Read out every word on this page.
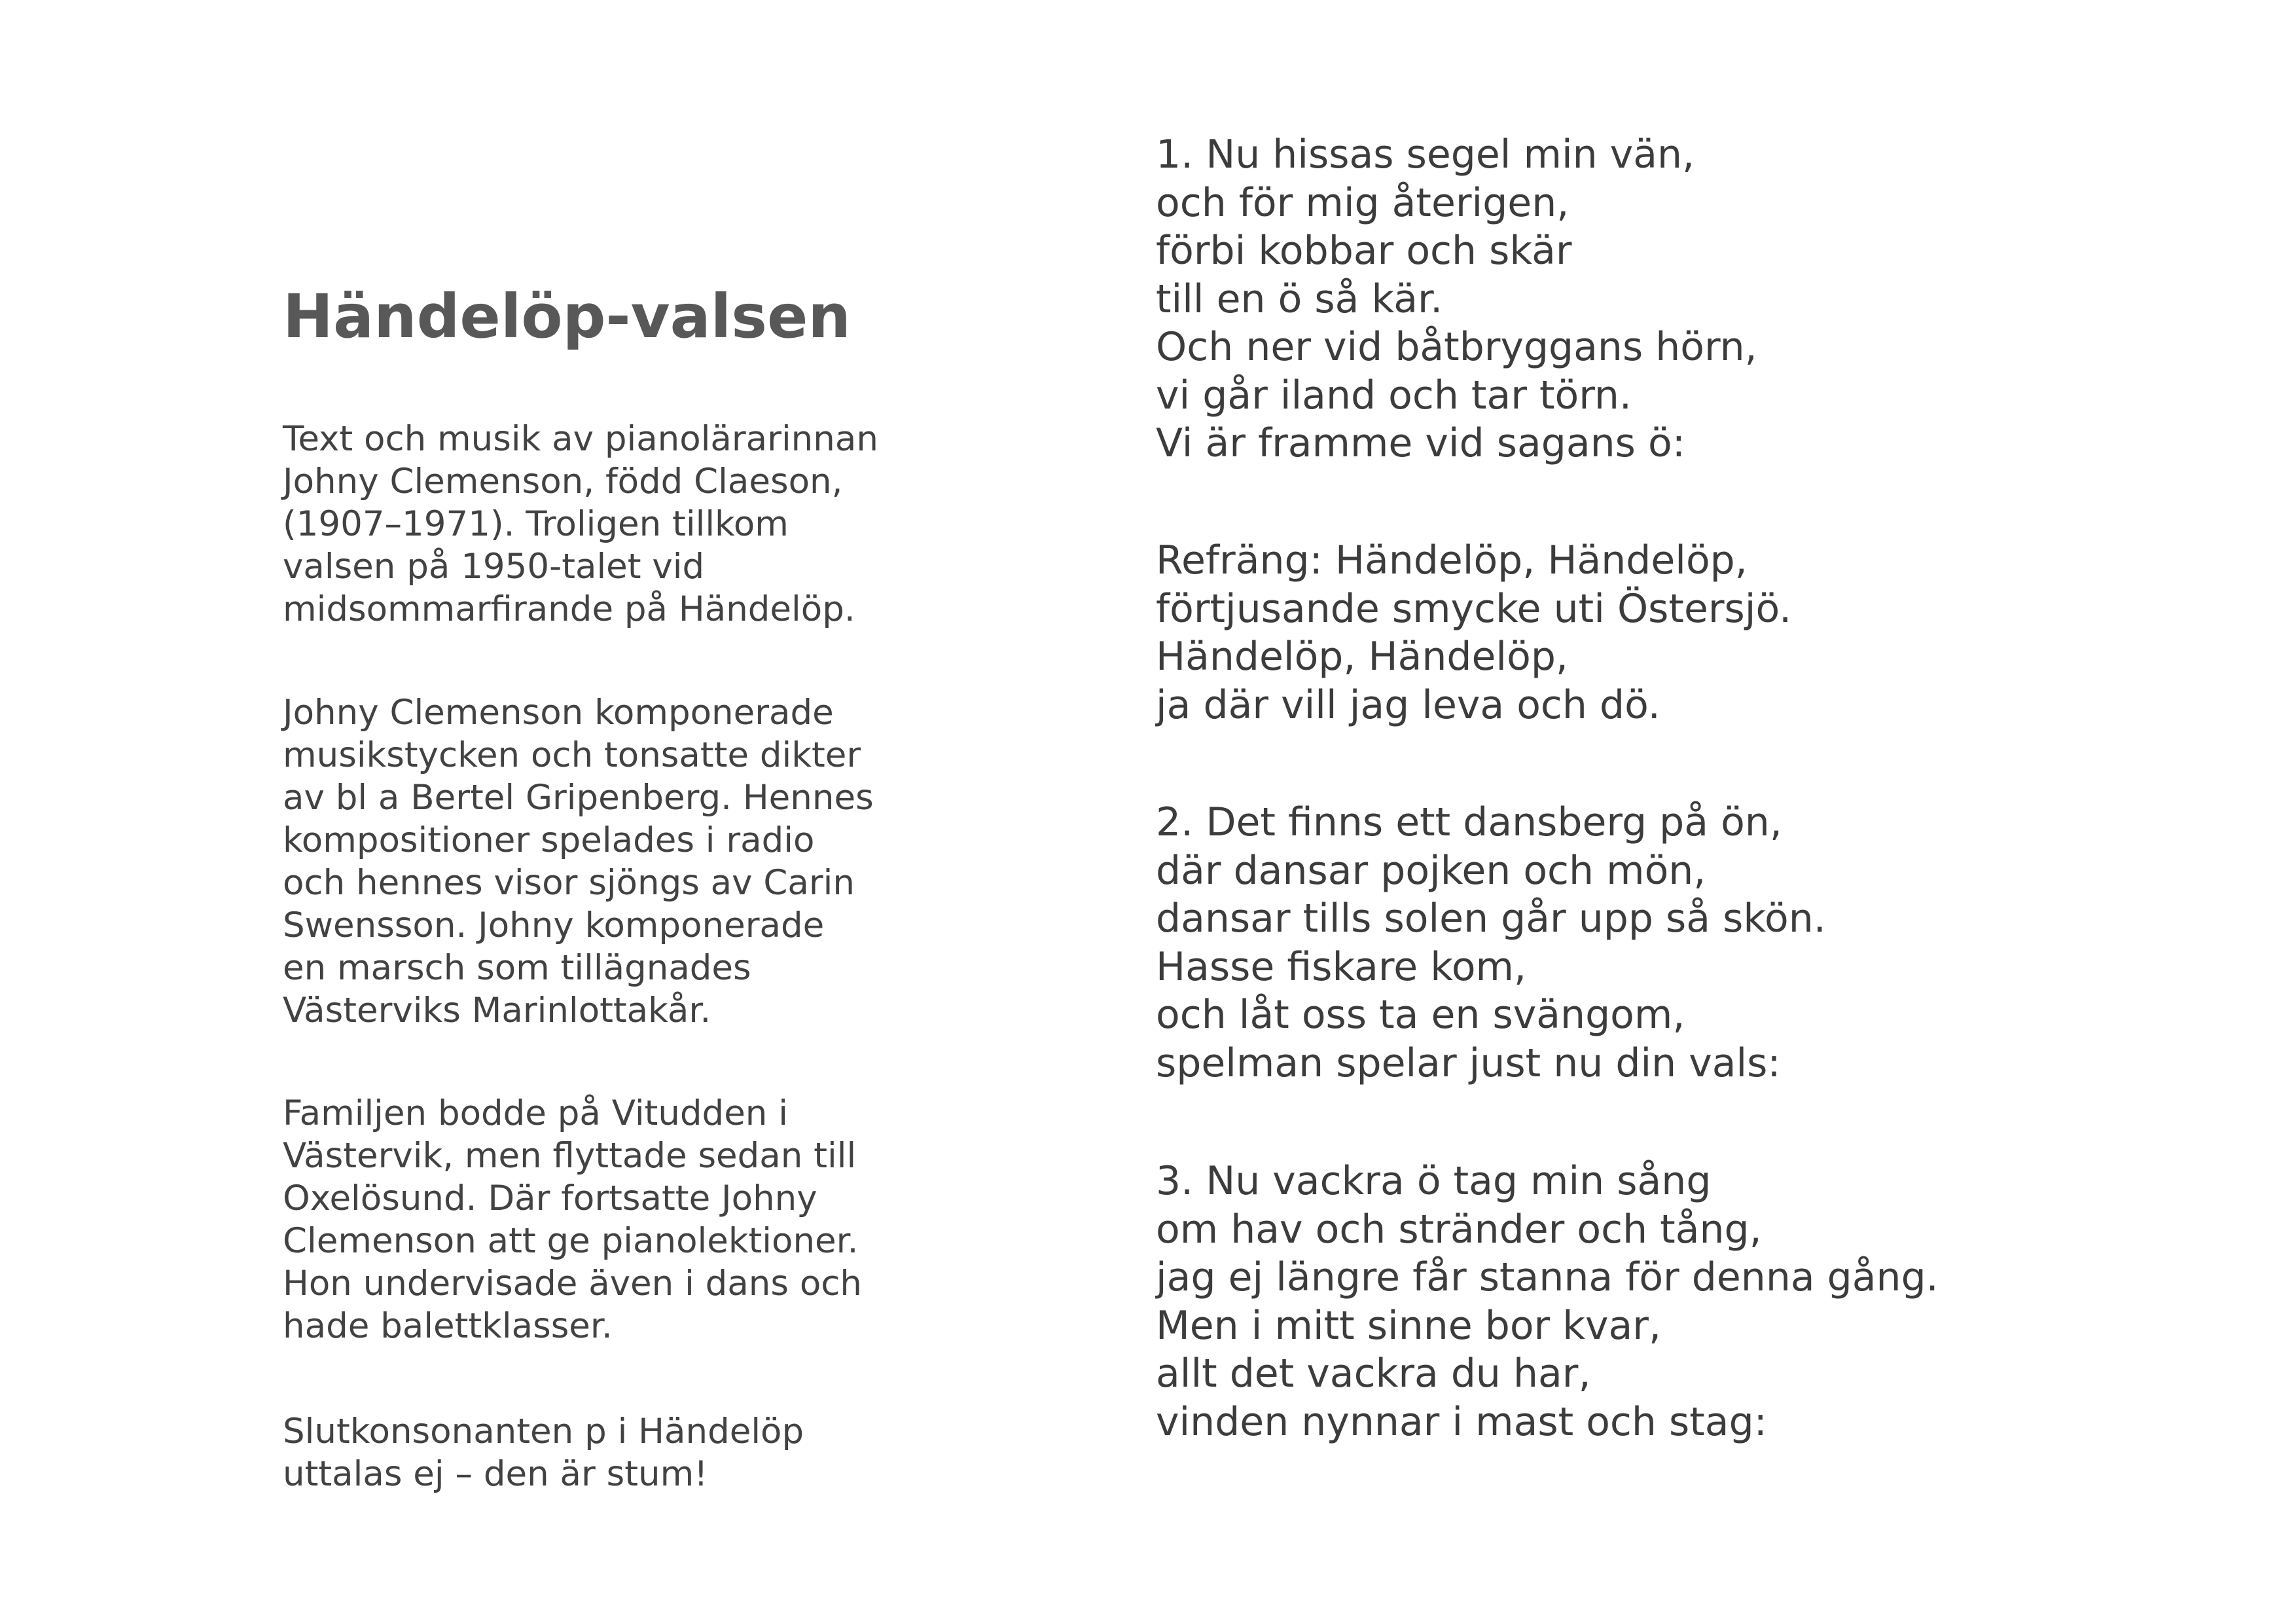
Händelöp-valsen

Text och musik av pianolärarinnan
Johny Clemenson, född Claeson,
(1907–1971). Troligen tillkom
valsen på 1950-talet vid
midsommarfirande på Händelöp.

Johny Clemenson komponerade
musikstycken och tonsatte dikter
av bl a Bertel Gripenberg. Hennes
kompositioner spelades i radio
och hennes visor sjöngs av Carin
Swensson. Johny komponerade
en marsch som tillägnades
Västerviks Marinlottakår.

Familjen bodde på Vitudden i
Västervik, men flyttade sedan till
Oxelösund. Där fortsatte Johny
Clemenson att ge pianolektioner.
Hon undervisade även i dans och
hade balettklasser.

Slutkonsonanten p i Händelöp
uttalas ej – den är stum!

1. Nu hissas segel min vän,
och för mig återigen,
förbi kobbar och skär
till en ö så kär.
Och ner vid båtbryggans hörn,
vi går iland och tar törn.
Vi är framme vid sagans ö:

Refräng: Händelöp, Händelöp,
förtjusande smycke uti Östersjö.
Händelöp, Händelöp,
ja där vill jag leva och dö.

2. Det finns ett dansberg på ön,
där dansar pojken och mön,
dansar tills solen går upp så skön.
Hasse fiskare kom,
och låt oss ta en svängom,
spelman spelar just nu din vals:

3. Nu vackra ö tag min sång
om hav och stränder och tång,
jag ej längre får stanna för denna gång.
Men i mitt sinne bor kvar,
allt det vackra du har,
vinden nynnar i mast och stag:
